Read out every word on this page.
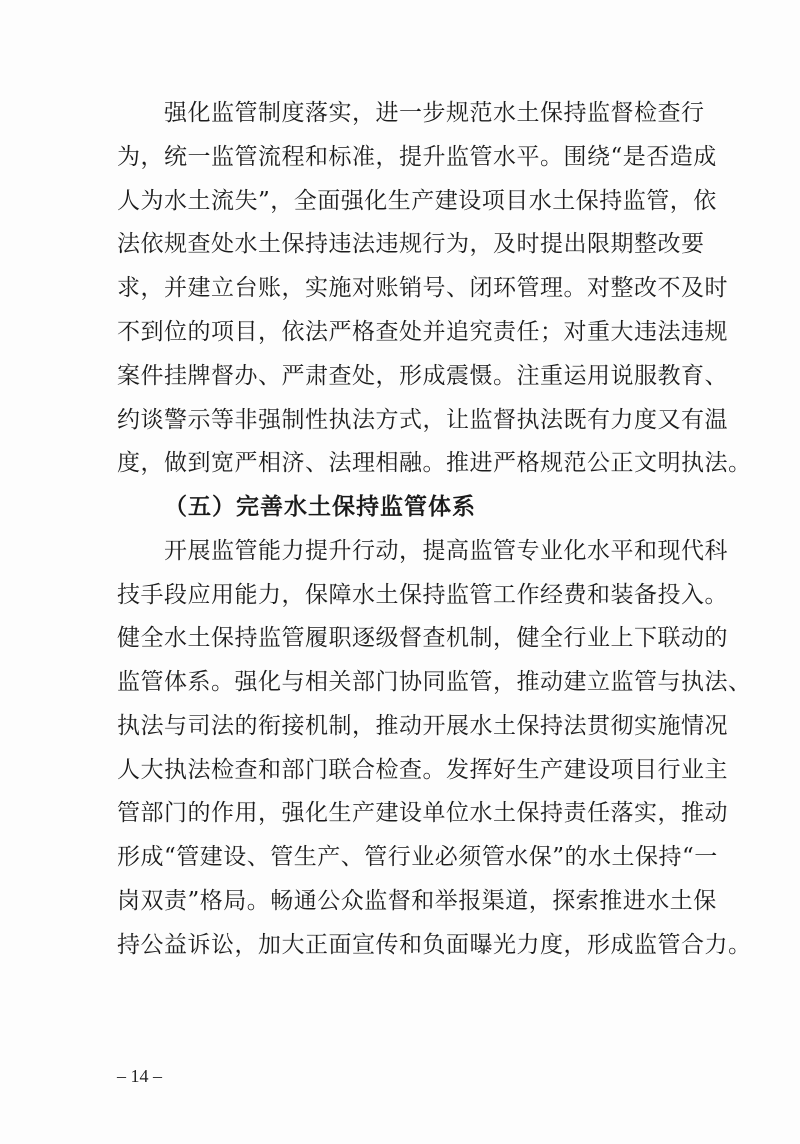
强化监管制度落实，进一步规范水土保持监督检查行
为，统一监管流程和标准，提升监管水平。围绕“是否造成
人为水土流失”，全面强化生产建设项目水土保持监管，依
法依规查处水土保持违法违规行为，及时提出限期整改要
求，并建立台账，实施对账销号、闭环管理。对整改不及时
不到位的项目，依法严格查处并追究责任；对重大违法违规
案件挂牌督办、严肃查处，形成震慑。注重运用说服教育、
约谈警示等非强制性执法方式，让监督执法既有力度又有温
度，做到宽严相济、法理相融。推进严格规范公正文明执法。
（五）完善水土保持监管体系
开展监管能力提升行动，提高监管专业化水平和现代科
技手段应用能力，保障水土保持监管工作经费和装备投入。
健全水土保持监管履职逐级督查机制，健全行业上下联动的
监管体系。强化与相关部门协同监管，推动建立监管与执法、
执法与司法的衔接机制，推动开展水土保持法贯彻实施情况
人大执法检查和部门联合检查。发挥好生产建设项目行业主
管部门的作用，强化生产建设单位水土保持责任落实，推动
形成“管建设、管生产、管行业必须管水保”的水土保持“一
岗双责”格局。畅通公众监督和举报渠道，探索推进水土保
持公益诉讼，加大正面宣传和负面曝光力度，形成监管合力。
– 14 –
